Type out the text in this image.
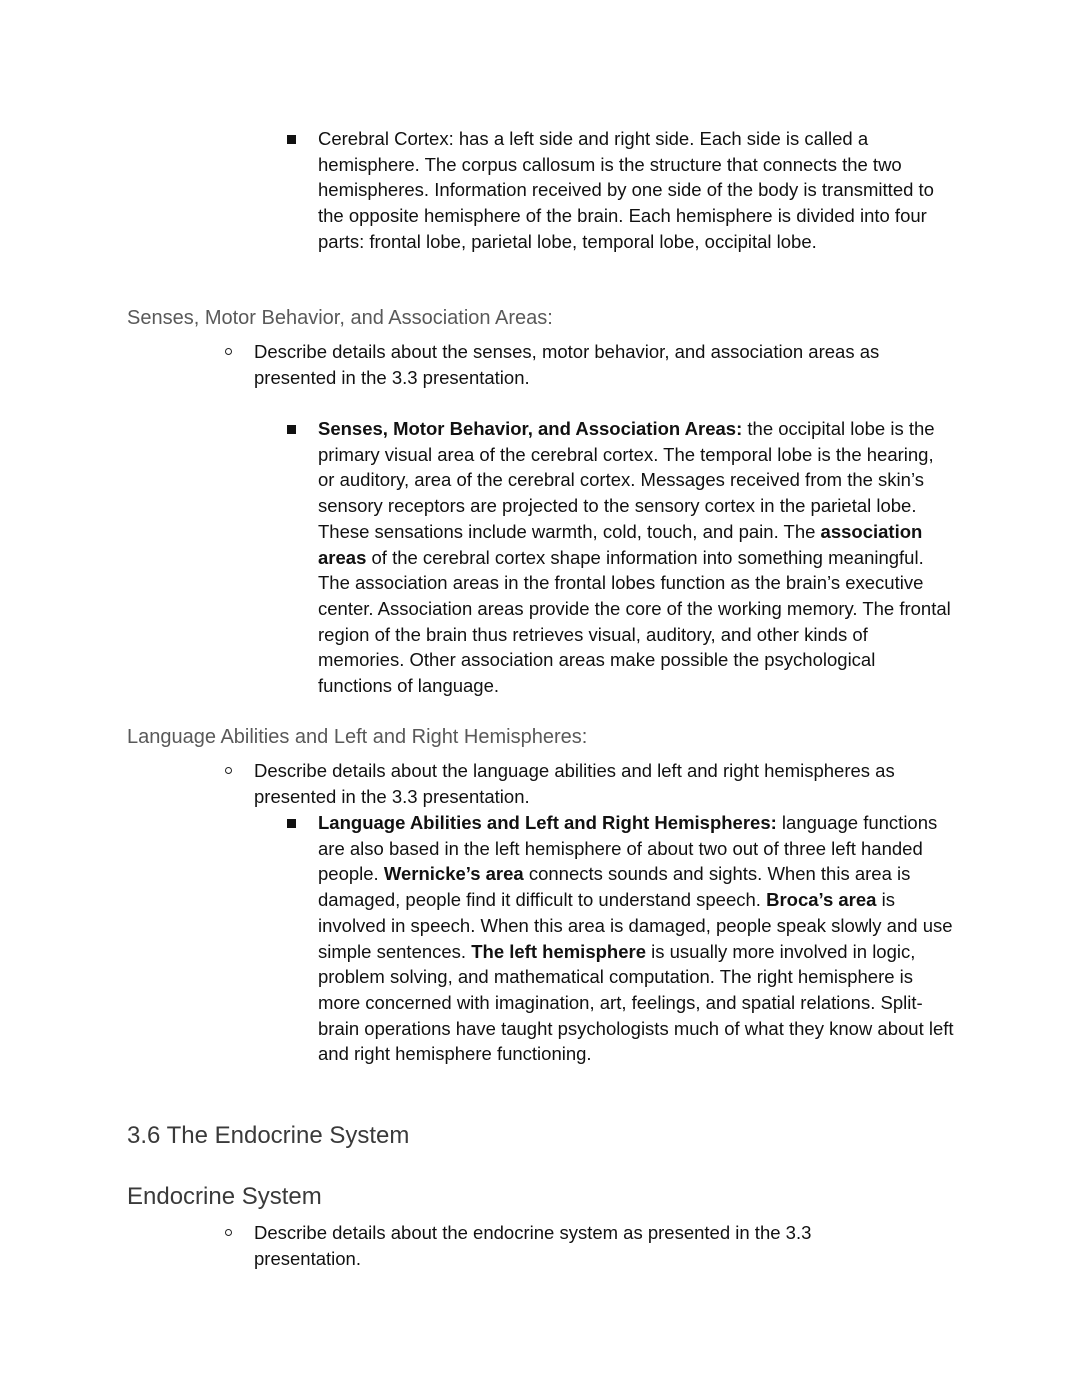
Cerebral Cortex: has a left side and right side. Each side is called a hemisphere. The corpus callosum is the structure that connects the two hemispheres. Information received by one side of the body is transmitted to the opposite hemisphere of the brain. Each hemisphere is divided into four parts: frontal lobe, parietal lobe, temporal lobe, occipital lobe.

Senses, Motor Behavior, and Association Areas:

Describe details about the senses, motor behavior, and association areas as presented in the 3.3 presentation.

Senses, Motor Behavior, and Association Areas: the occipital lobe is the primary visual area of the cerebral cortex. The temporal lobe is the hearing, or auditory, area of the cerebral cortex. Messages received from the skin’s sensory receptors are projected to the sensory cortex in the parietal lobe. These sensations include warmth, cold, touch, and pain. The association areas of the cerebral cortex shape information into something meaningful. The association areas in the frontal lobes function as the brain’s executive center. Association areas provide the core of the working memory. The frontal region of the brain thus retrieves visual, auditory, and other kinds of memories. Other association areas make possible the psychological functions of language.

Language Abilities and Left and Right Hemispheres:

Describe details about the language abilities and left and right hemispheres as presented in the 3.3 presentation.

Language Abilities and Left and Right Hemispheres: language functions are also based in the left hemisphere of about two out of three left handed people. Wernicke’s area connects sounds and sights. When this area is damaged, people find it difficult to understand speech. Broca’s area is involved in speech. When this area is damaged, people speak slowly and use simple sentences. The left hemisphere is usually more involved in logic, problem solving, and mathematical computation. The right hemisphere is more concerned with imagination, art, feelings, and spatial relations. Split-brain operations have taught psychologists much of what they know about left and right hemisphere functioning.

3.6 The Endocrine System
Endocrine System

Describe details about the endocrine system as presented in the 3.3 presentation.
